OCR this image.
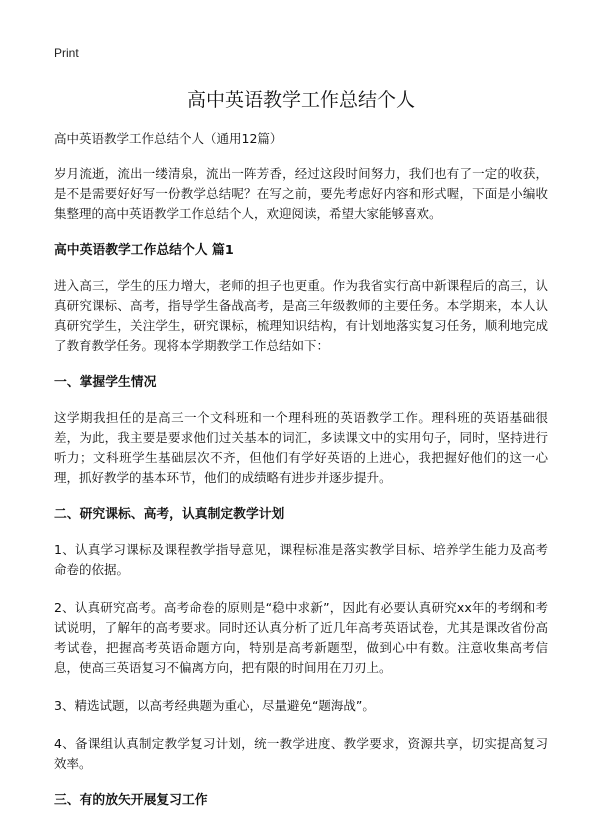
Print
高中英语教学工作总结个人
高中英语教学工作总结个人（通用12篇）

岁月流逝，流出一缕清泉，流出一阵芳香，经过这段时间努力，我们也有了一定的收获，是不是需要好好写一份教学总结呢？在写之前，要先考虑好内容和形式喔，下面是小编收集整理的高中英语教学工作总结个人，欢迎阅读，希望大家能够喜欢。

高中英语教学工作总结个人 篇1

进入高三，学生的压力增大，老师的担子也更重。作为我省实行高中新课程后的高三，认真研究课标、高考，指导学生备战高考，是高三年级教师的主要任务。本学期来，本人认真研究学生，关注学生，研究课标，梳理知识结构，有计划地落实复习任务，顺利地完成了教育教学任务。现将本学期教学工作总结如下：

一、掌握学生情况

这学期我担任的是高三一个文科班和一个理科班的英语教学工作。理科班的英语基础很差，为此，我主要是要求他们过关基本的词汇，多读课文中的实用句子，同时，坚持进行听力；文科班学生基础层次不齐，但他们有学好英语的上进心，我把握好他们的这一心理，抓好教学的基本环节，他们的成绩略有进步并逐步提升。

二、研究课标、高考，认真制定教学计划

1、认真学习课标及课程教学指导意见，课程标准是落实教学目标、培养学生能力及高考命卷的依据。

2、认真研究高考。高考命卷的原则是“稳中求新”，因此有必要认真研究xx年的考纲和考试说明，了解年的高考要求。同时还认真分析了近几年高考英语试卷，尤其是课改省份高考试卷，把握高考英语命题方向，特别是高考新题型，做到心中有数。注意收集高考信息，使高三英语复习不偏离方向，把有限的时间用在刀刃上。

3、精选试题，以高考经典题为重心，尽量避免“题海战”。

4、备课组认真制定教学复习计划，统一教学进度、教学要求，资源共享，切实提高复习效率。

三、有的放矢开展复习工作
